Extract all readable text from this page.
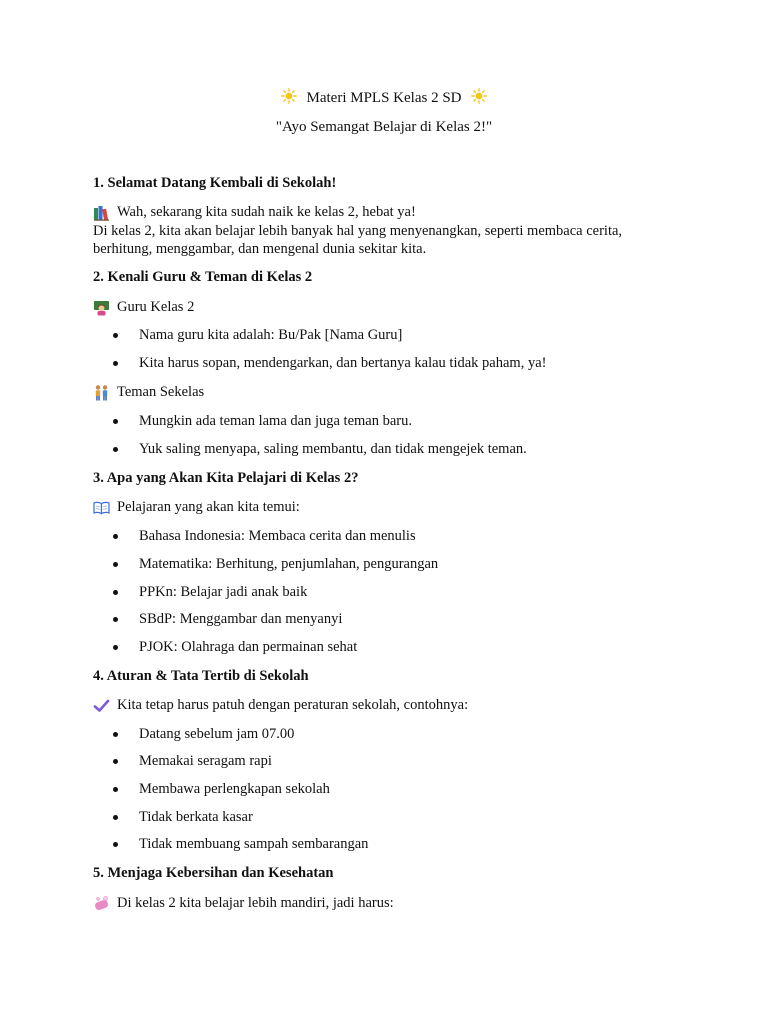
Materi MPLS Kelas 2 SD
"Ayo Semangat Belajar di Kelas 2!"
1. Selamat Datang Kembali di Sekolah!
Wah, sekarang kita sudah naik ke kelas 2, hebat ya!
Di kelas 2, kita akan belajar lebih banyak hal yang menyenangkan, seperti membaca cerita,
berhitung, menggambar, dan mengenal dunia sekitar kita.
2. Kenali Guru & Teman di Kelas 2
Guru Kelas 2
Nama guru kita adalah: Bu/Pak [Nama Guru]
Kita harus sopan, mendengarkan, dan bertanya kalau tidak paham, ya!
Teman Sekelas
Mungkin ada teman lama dan juga teman baru.
Yuk saling menyapa, saling membantu, dan tidak mengejek teman.
3. Apa yang Akan Kita Pelajari di Kelas 2?
Pelajaran yang akan kita temui:
Bahasa Indonesia: Membaca cerita dan menulis
Matematika: Berhitung, penjumlahan, pengurangan
PPKn: Belajar jadi anak baik
SBdP: Menggambar dan menyanyi
PJOK: Olahraga dan permainan sehat
4. Aturan & Tata Tertib di Sekolah
Kita tetap harus patuh dengan peraturan sekolah, contohnya:
Datang sebelum jam 07.00
Memakai seragam rapi
Membawa perlengkapan sekolah
Tidak berkata kasar
Tidak membuang sampah sembarangan
5. Menjaga Kebersihan dan Kesehatan
Di kelas 2 kita belajar lebih mandiri, jadi harus:
